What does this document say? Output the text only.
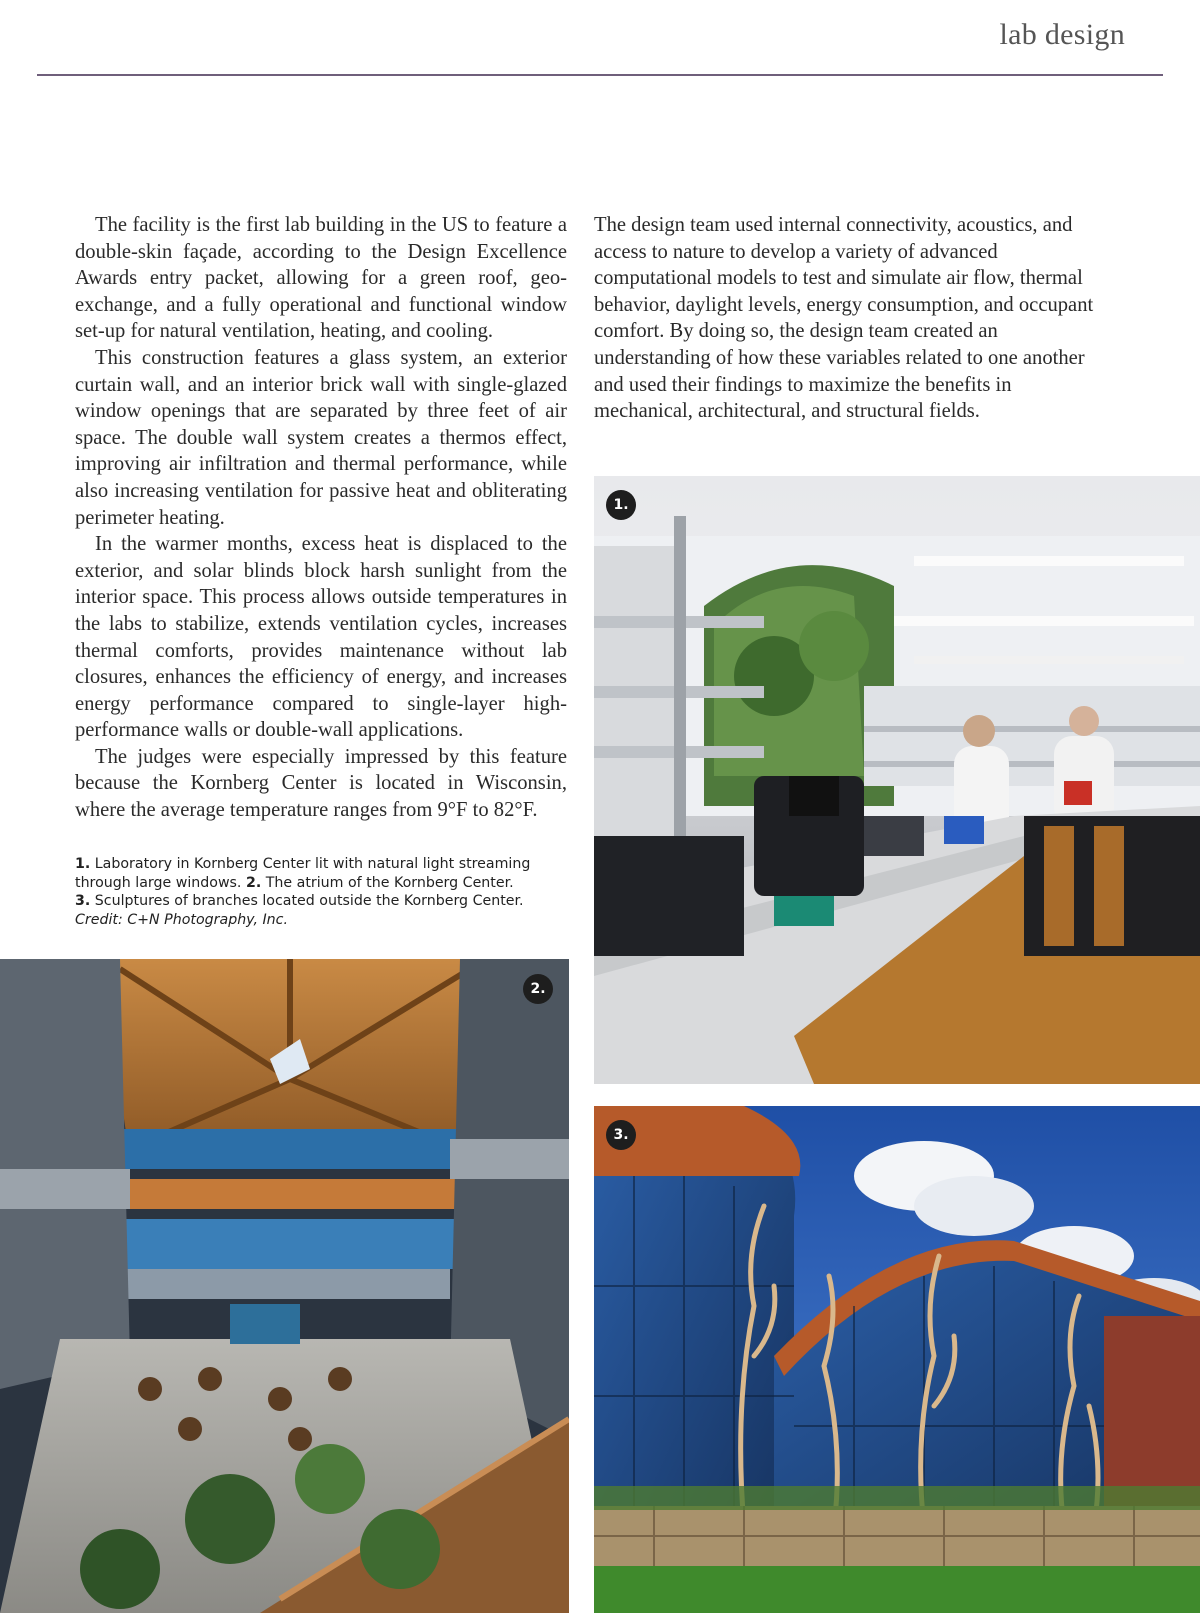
lab design

The facility is the first lab building in the US to feature a double-skin façade, according to the Design Excellence Awards entry packet, allowing for a green roof, geo-exchange, and a fully operational and functional window set-up for natural ventilation, heating, and cooling.

This construction features a glass system, an exterior curtain wall, and an interior brick wall with single-glazed window openings that are separated by three feet of air space. The double wall system creates a thermos effect, improving air infiltration and thermal performance, while also increasing ventilation for passive heat and obliterating perimeter heating.

In the warmer months, excess heat is displaced to the exterior, and solar blinds block harsh sunlight from the interior space. This process allows outside temperatures in the labs to stabilize, extends ventilation cycles, increases thermal comforts, provides maintenance without lab closures, enhances the efficiency of energy, and increases energy performance compared to single-layer high-performance walls or double-wall applications.

The judges were especially impressed by this feature because the Kornberg Center is located in Wisconsin, where the average temperature ranges from 9°F to 82°F.

The design team used internal connectivity, acoustics, and access to nature to develop a variety of advanced computational models to test and simulate air flow, thermal behavior, daylight levels, energy consumption, and occupant comfort. By doing so, the design team created an understanding of how these variables related to one another and used their findings to maximize the benefits in mechanical, architectural, and structural fields.

1. Laboratory in Kornberg Center lit with natural light streaming through large windows. 2. The atrium of the Kornberg Center.
3. Sculptures of branches located outside the Kornberg Center.
Credit: C+N Photography, Inc.
1.
2.
3.
